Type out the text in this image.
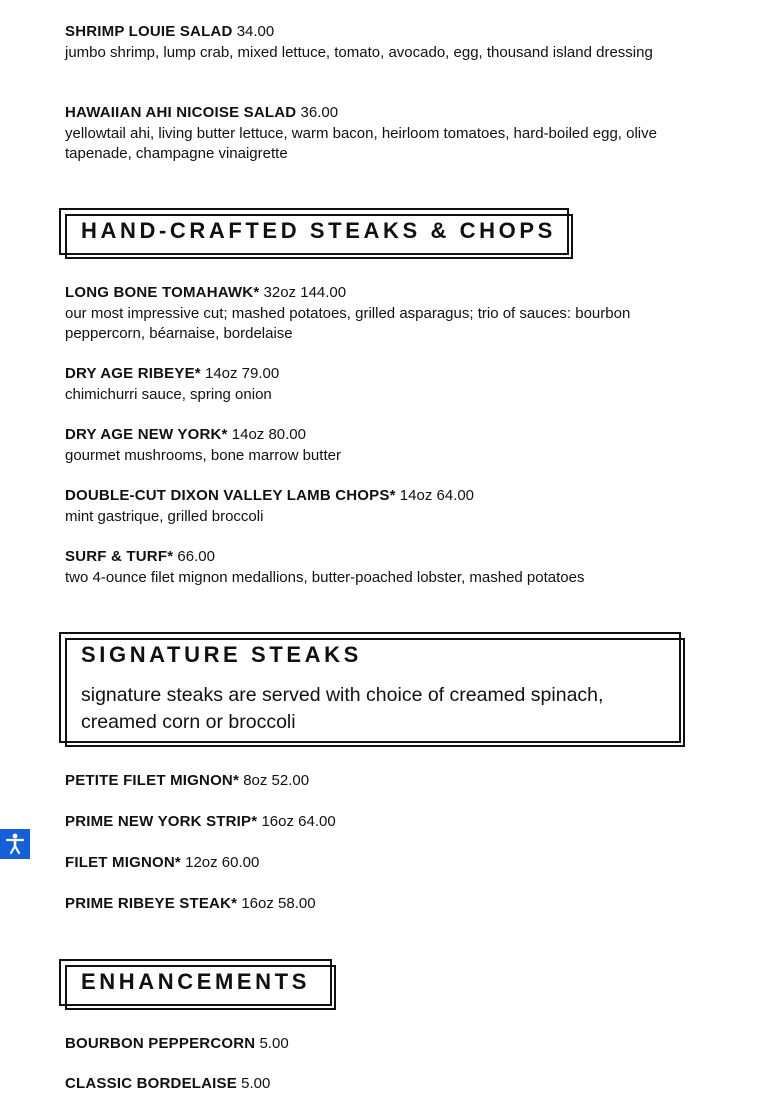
SHRIMP LOUIE SALAD 34.00
jumbo shrimp, lump crab, mixed lettuce, tomato, avocado, egg, thousand island dressing
HAWAIIAN AHI NICOISE SALAD 36.00
yellowtail ahi, living butter lettuce, warm bacon, heirloom tomatoes, hard-boiled egg, olive tapenade, champagne vinaigrette
HAND-CRAFTED STEAKS & CHOPS
LONG BONE TOMAHAWK* 32oz 144.00
our most impressive cut; mashed potatoes, grilled asparagus; trio of sauces: bourbon peppercorn, béarnaise, bordelaise
DRY AGE RIBEYE* 14oz 79.00
chimichurri sauce, spring onion
DRY AGE NEW YORK* 14oz 80.00
gourmet mushrooms, bone marrow butter
DOUBLE-CUT DIXON VALLEY LAMB CHOPS* 14oz 64.00
mint gastrique, grilled broccoli
SURF & TURF* 66.00
two 4-ounce filet mignon medallions, butter-poached lobster, mashed potatoes
SIGNATURE STEAKS
signature steaks are served with choice of creamed spinach, creamed corn or broccoli
PETITE FILET MIGNON* 8oz 52.00
PRIME NEW YORK STRIP* 16oz 64.00
FILET MIGNON* 12oz 60.00
PRIME RIBEYE STEAK* 16oz 58.00
ENHANCEMENTS
BOURBON PEPPERCORN 5.00
CLASSIC BORDELAISE 5.00
